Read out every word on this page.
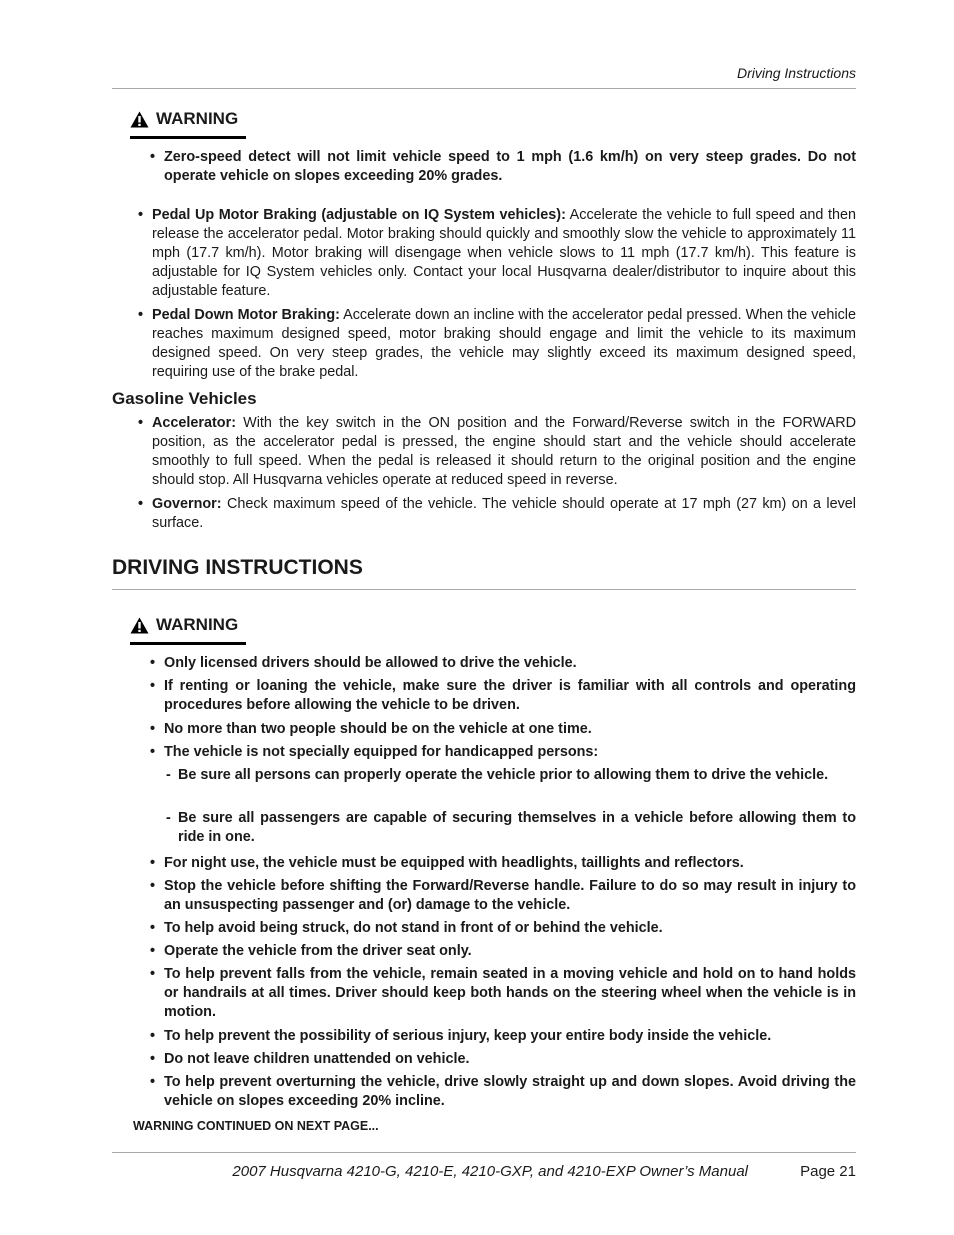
Driving Instructions
WARNING
• Zero-speed detect will not limit vehicle speed to 1 mph (1.6 km/h) on very steep grades. Do not operate vehicle on slopes exceeding 20% grades.
• Pedal Up Motor Braking (adjustable on IQ System vehicles): Accelerate the vehicle to full speed and then release the accelerator pedal. Motor braking should quickly and smoothly slow the vehicle to approximately 11 mph (17.7 km/h). Motor braking will disengage when vehicle slows to 11 mph (17.7 km/h). This feature is adjustable for IQ System vehicles only. Contact your local Husqvarna dealer/distributor to inquire about this adjustable feature.
• Pedal Down Motor Braking: Accelerate down an incline with the accelerator pedal pressed. When the vehicle reaches maximum designed speed, motor braking should engage and limit the vehicle to its maximum designed speed. On very steep grades, the vehicle may slightly exceed its maximum designed speed, requiring use of the brake pedal.
Gasoline Vehicles
• Accelerator: With the key switch in the ON position and the Forward/Reverse switch in the FORWARD position, as the accelerator pedal is pressed, the engine should start and the vehicle should accelerate smoothly to full speed. When the pedal is released it should return to the original position and the engine should stop. All Husqvarna vehicles operate at reduced speed in reverse.
• Governor: Check maximum speed of the vehicle. The vehicle should operate at 17 mph (27 km) on a level surface.
DRIVING INSTRUCTIONS
WARNING
• Only licensed drivers should be allowed to drive the vehicle.
• If renting or loaning the vehicle, make sure the driver is familiar with all controls and operating procedures before allowing the vehicle to be driven.
• No more than two people should be on the vehicle at one time.
• The vehicle is not specially equipped for handicapped persons:
- Be sure all persons can properly operate the vehicle prior to allowing them to drive the vehicle.
- Be sure all passengers are capable of securing themselves in a vehicle before allowing them to ride in one.
• For night use, the vehicle must be equipped with headlights, taillights and reflectors.
• Stop the vehicle before shifting the Forward/Reverse handle. Failure to do so may result in injury to an unsuspecting passenger and (or) damage to the vehicle.
• To help avoid being struck, do not stand in front of or behind the vehicle.
• Operate the vehicle from the driver seat only.
• To help prevent falls from the vehicle, remain seated in a moving vehicle and hold on to hand holds or handrails at all times. Driver should keep both hands on the steering wheel when the vehicle is in motion.
• To help prevent the possibility of serious injury, keep your entire body inside the vehicle.
• Do not leave children unattended on vehicle.
• To help prevent overturning the vehicle, drive slowly straight up and down slopes. Avoid driving the vehicle on slopes exceeding 20% incline.
WARNING CONTINUED ON NEXT PAGE...
2007 Husqvarna 4210-G, 4210-E, 4210-GXP, and 4210-EXP Owner’s Manual	Page 21
